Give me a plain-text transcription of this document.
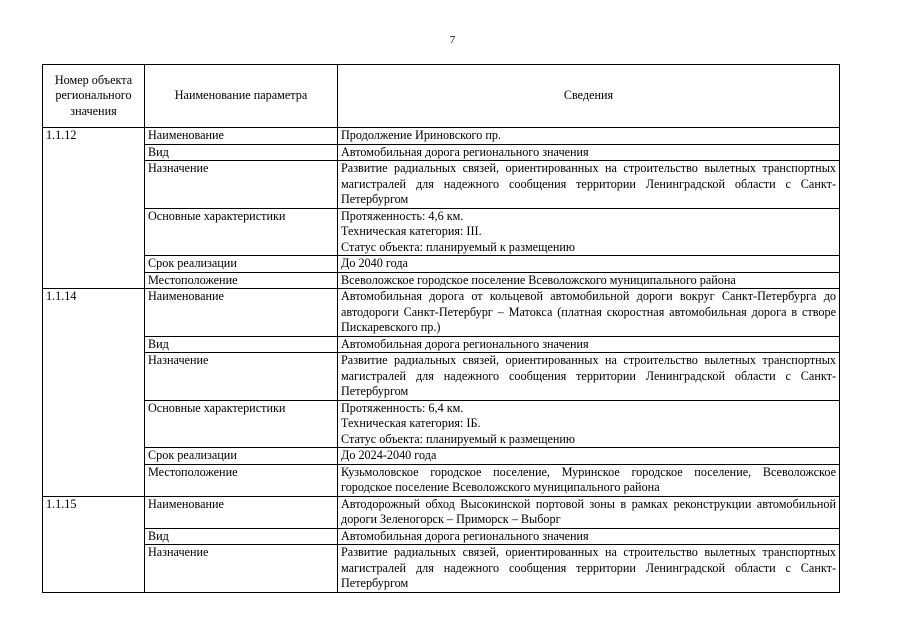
7
Номер объекта регионального значения	Наименование параметра	Сведения
1.1.12	Наименование	Продолжение Ириновского пр.

	Вид	Автомобильная дорога регионального значения

	Назначение	Развитие радиальных связей, ориентированных на строительство вылетных транспортных магистралей для надежного сообщения территории Ленинградской области с Санкт-Петербургом

	Основные характеристики	Протяженность: 4,6 км.
Техническая категория: III.
Статус объекта: планируемый к размещению

	Срок реализации	До 2040 года

	Местоположение	Всеволожское городское поселение Всеволожского муниципального района

1.1.14	Наименование	Автомобильная дорога от кольцевой автомобильной дороги вокруг Санкт-Петербурга до автодороги Санкт-Петербург – Матокса (платная скоростная автомобильная дорога в створе Пискаревского пр.)

	Вид	Автомобильная дорога регионального значения

	Назначение	Развитие радиальных связей, ориентированных на строительство вылетных транспортных магистралей для надежного сообщения территории Ленинградской области с Санкт-Петербургом

	Основные характеристики	Протяженность: 6,4 км.
Техническая категория: IБ.
Статус объекта: планируемый к размещению

	Срок реализации	До 2024-2040 года

	Местоположение	Кузьмоловское городское поселение, Муринское городское поселение, Всеволожское городское поселение Всеволожского муниципального района

1.1.15	Наименование	Автодорожный обход Высокинской портовой зоны в рамках реконструкции автомобильной дороги Зеленогорск – Приморск – Выборг

	Вид	Автомобильная дорога регионального значения

	Назначение	Развитие радиальных связей, ориентированных на строительство вылетных транспортных магистралей для надежного сообщения территории Ленинградской области с Санкт-Петербургом
